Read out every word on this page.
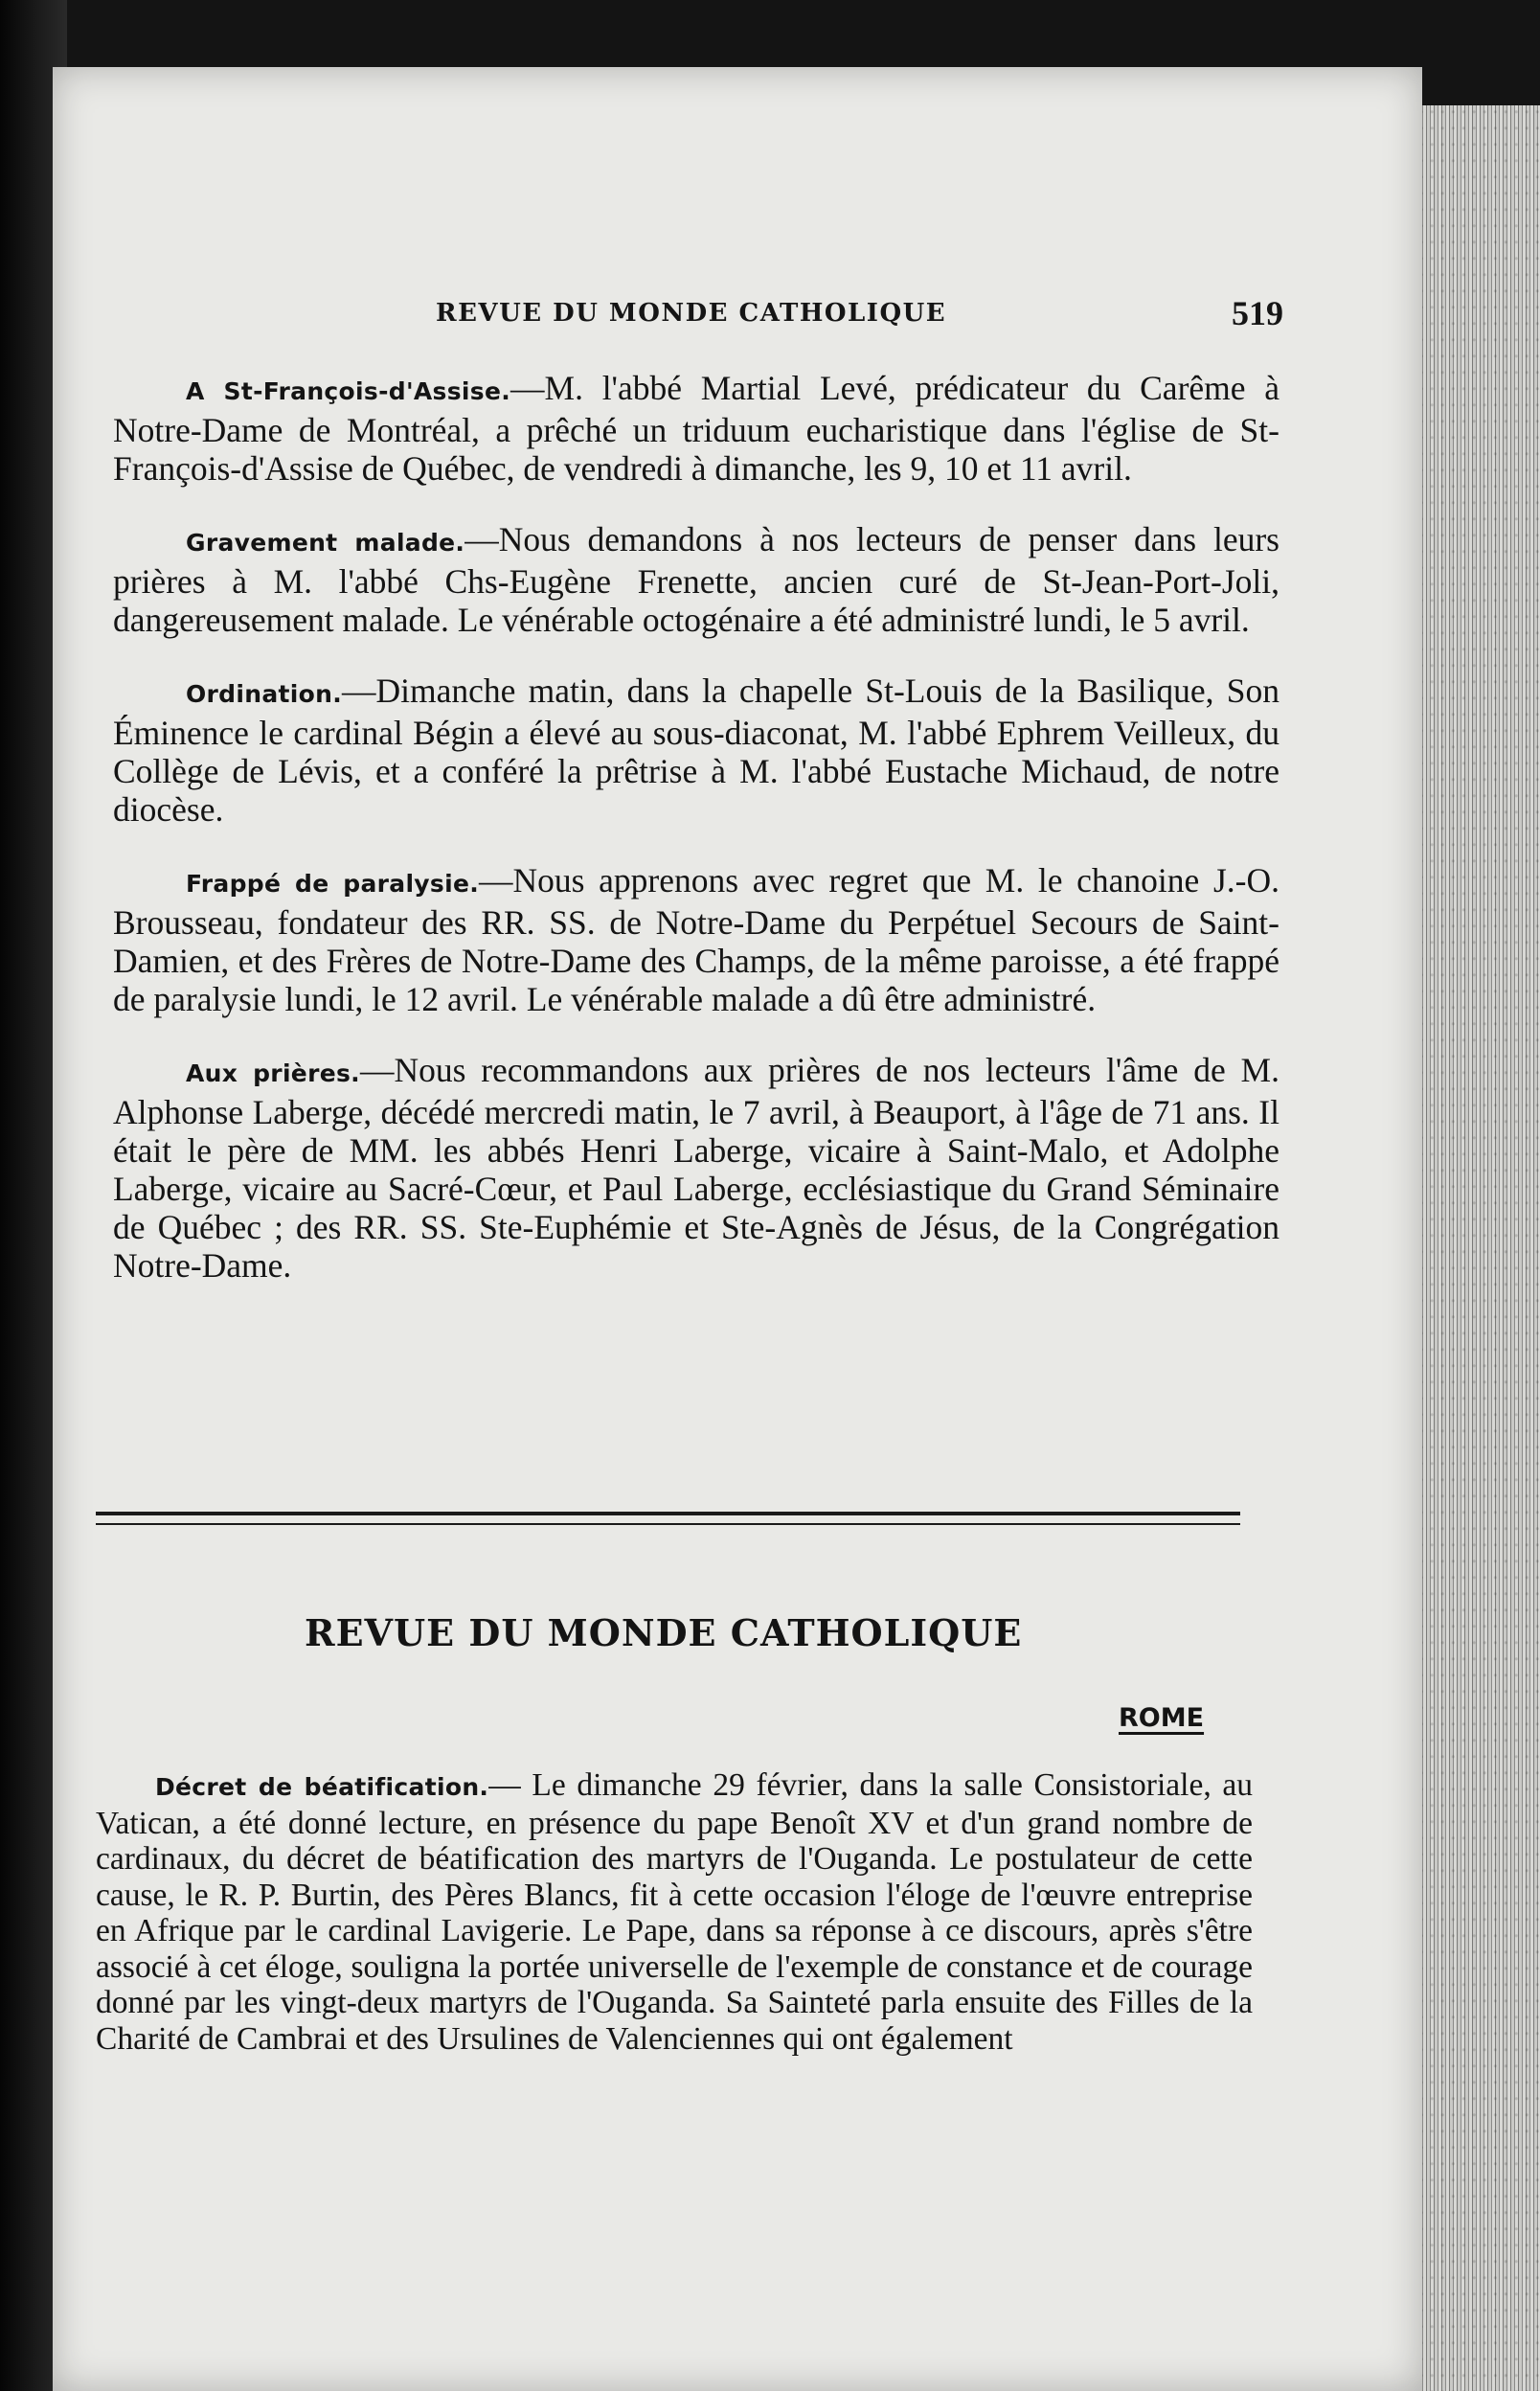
REVUE DU MONDE CATHOLIQUE	519

A St-François-d'Assise.—M. l'abbé Martial Levé, prédicateur du Carême à Notre-Dame de Montréal, a prêché un triduum eucharistique dans l'église de St-François-d'Assise de Québec, de vendredi à dimanche, les 9, 10 et 11 avril.

Gravement malade.—Nous demandons à nos lecteurs de penser dans leurs prières à M. l'abbé Chs-Eugène Frenette, ancien curé de St-Jean-Port-Joli, dangereusement malade. Le vénérable octogénaire a été administré lundi, le 5 avril.

Ordination.—Dimanche matin, dans la chapelle St-Louis de la Basilique, Son Éminence le cardinal Bégin a élevé au sous-diaconat, M. l'abbé Ephrem Veilleux, du Collège de Lévis, et a conféré la prêtrise à M. l'abbé Eustache Michaud, de notre diocèse.

Frappé de paralysie.—Nous apprenons avec regret que M. le chanoine J.-O. Brousseau, fondateur des RR. SS. de Notre-Dame du Perpétuel Secours de Saint-Damien, et des Frères de Notre-Dame des Champs, de la même paroisse, a été frappé de paralysie lundi, le 12 avril. Le vénérable malade a dû être administré.

Aux prières.—Nous recommandons aux prières de nos lecteurs l'âme de M. Alphonse Laberge, décédé mercredi matin, le 7 avril, à Beauport, à l'âge de 71 ans. Il était le père de MM. les abbés Henri Laberge, vicaire à Saint-Malo, et Adolphe Laberge, vicaire au Sacré-Cœur, et Paul Laberge, ecclésiastique du Grand Séminaire de Québec ; des RR. SS. Ste-Euphémie et Ste-Agnès de Jésus, de la Congrégation Notre-Dame.

REVUE DU MONDE CATHOLIQUE
ROME

Décret de béatification.— Le dimanche 29 février, dans la salle Consistoriale, au Vatican, a été donné lecture, en présence du pape Benoît XV et d'un grand nombre de cardinaux, du décret de béatification des martyrs de l'Ouganda. Le postulateur de cette cause, le R. P. Burtin, des Pères Blancs, fit à cette occasion l'éloge de l'œuvre entreprise en Afrique par le cardinal Lavigerie. Le Pape, dans sa réponse à ce discours, après s'être associé à cet éloge, souligna la portée universelle de l'exemple de constance et de courage donné par les vingt-deux martyrs de l'Ouganda. Sa Sainteté parla ensuite des Filles de la Charité de Cambrai et des Ursulines de Valenciennes qui ont également
